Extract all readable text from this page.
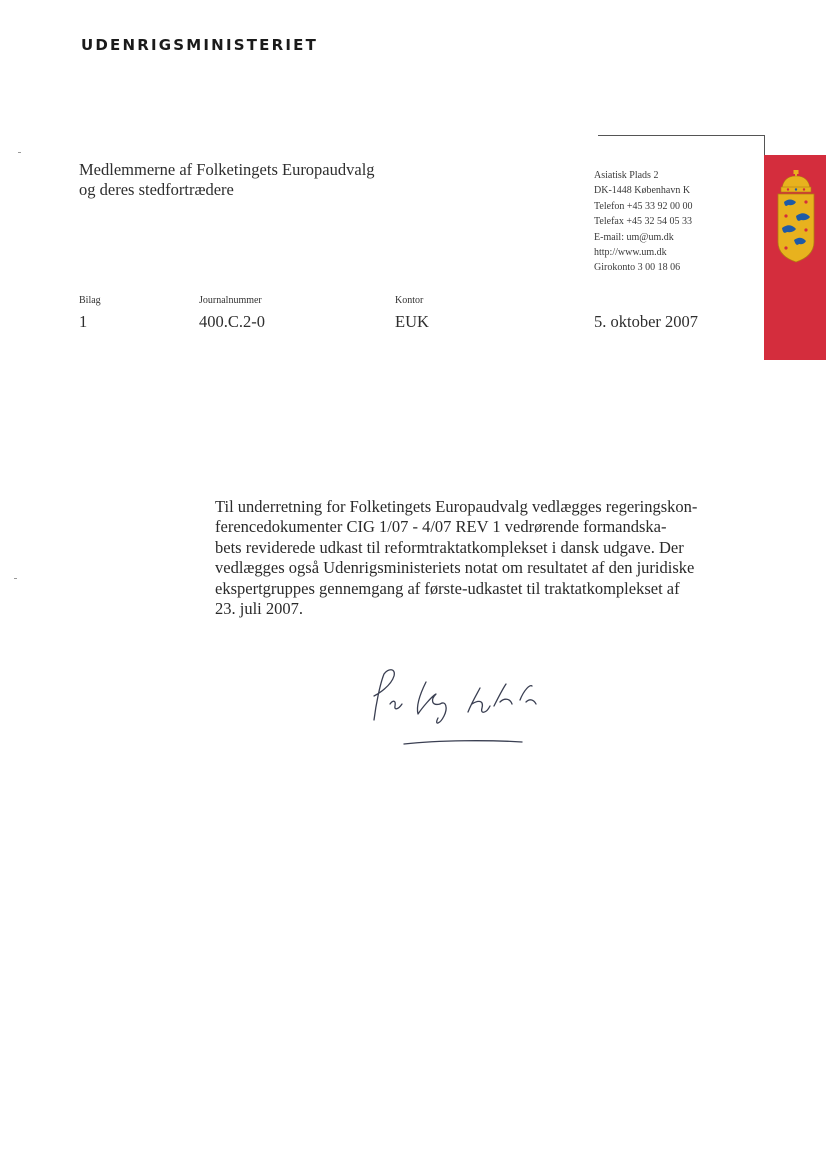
UDENRIGSMINISTERIET
Medlemmerne af Folketingets Europaudvalg
og deres stedfortrædere
Asiatisk Plads 2
DK-1448 København K
Telefon +45 33 92 00 00
Telefax +45 32 54 05 33
E-mail: um@um.dk
http://www.um.dk
Girokonto 3 00 18 06
Bilag
1
Journalnummer
400.C.2-0
Kontor
EUK	5. oktober 2007
Til underretning for Folketingets Europaudvalg vedlægges regeringskon-
ferencedokumenter CIG 1/07 - 4/07 REV 1 vedrørende formandska-
bets reviderede udkast til reformtraktatkomplekset i dansk udgave. Der
vedlægges også Udenrigsministeriets notat om resultatet af den juridiske
ekspertgruppes gennemgang af første-udkastet til traktatkomplekset af
23. juli 2007.
